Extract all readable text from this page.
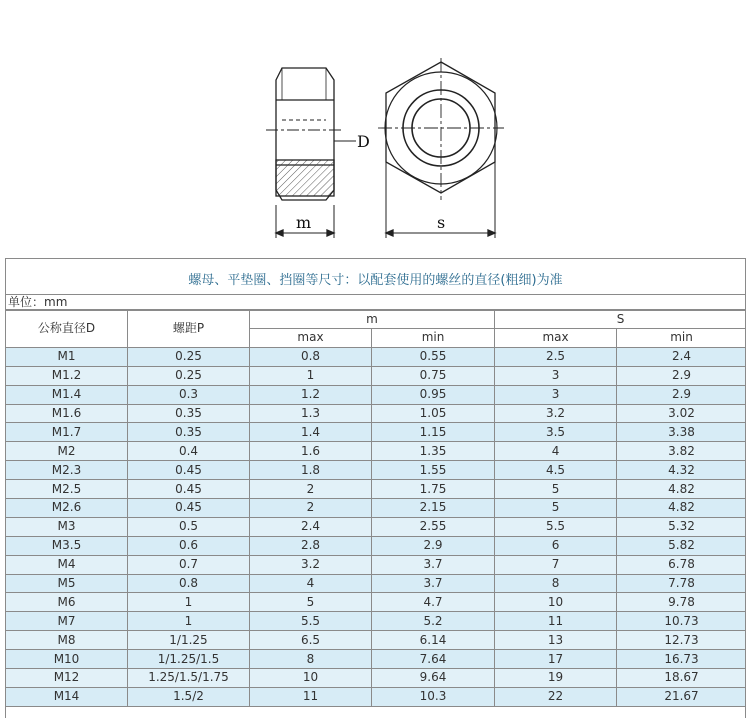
D
m	s
螺母、平垫圈、挡圈等尺寸：以配套使用的螺丝的直径(粗细)为准
单位：mm
公称直径D	螺距P	m		S	
		max	min	max	min
M1	0.25	0.8	0.55	2.5	2.4
M1.2	0.25	1	0.75	3	2.9
M1.4	0.3	1.2	0.95	3	2.9
M1.6	0.35	1.3	1.05	3.2	3.02
M1.7	0.35	1.4	1.15	3.5	3.38
M2	0.4	1.6	1.35	4	3.82
M2.3	0.45	1.8	1.55	4.5	4.32
M2.5	0.45	2	1.75	5	4.82
M2.6	0.45	2	2.15	5	4.82
M3	0.5	2.4	2.55	5.5	5.32
M3.5	0.6	2.8	2.9	6	5.82
M4	0.7	3.2	3.7	7	6.78
M5	0.8	4	3.7	8	7.78
M6	1	5	4.7	10	9.78
M7	1	5.5	5.2	11	10.73
M8	1/1.25	6.5	6.14	13	12.73
M10	1/1.25/1.5	8	7.64	17	16.73
M12	1.25/1.5/1.75	10	9.64	19	18.67
M14	1.5/2	11	10.3	22	21.67
